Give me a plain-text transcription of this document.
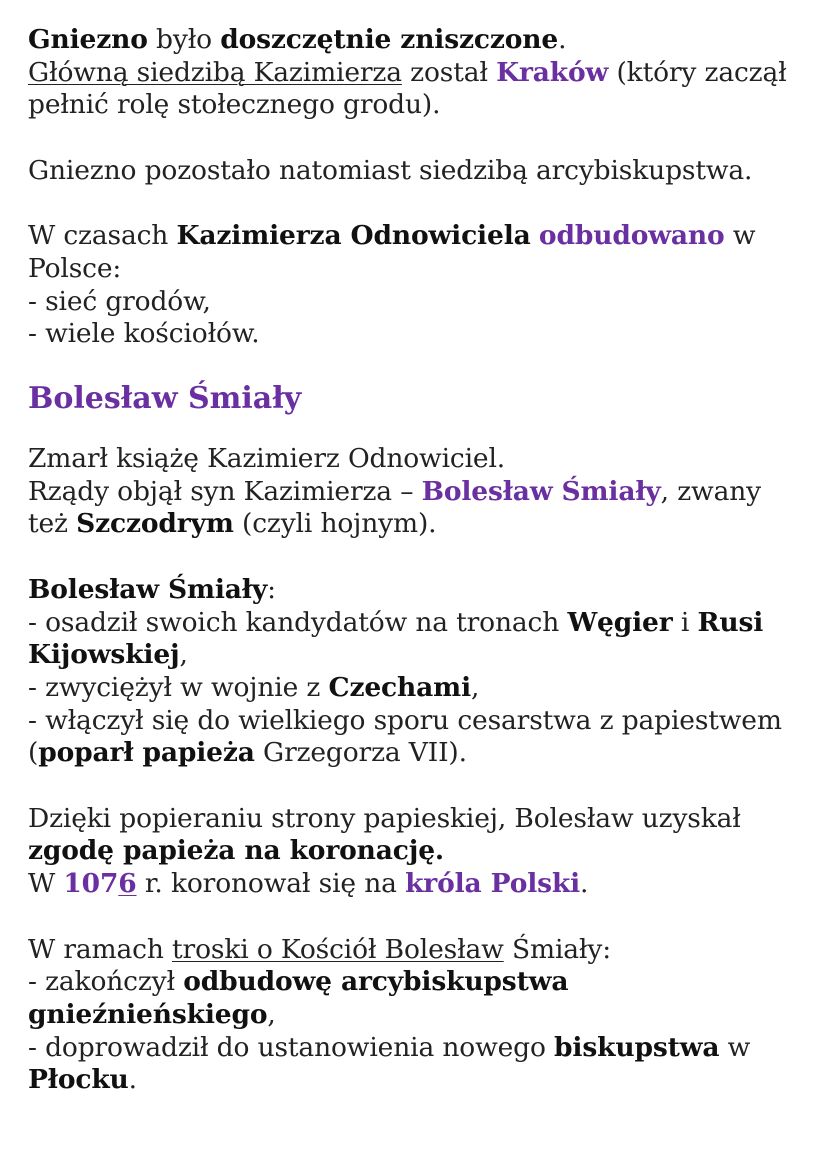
Gniezno było doszczętnie zniszczone.
Główną siedzibą Kazimierza został Kraków (który zaczął
pełnić rolę stołecznego grodu).
Gniezno pozostało natomiast siedzibą arcybiskupstwa.
W czasach Kazimierza Odnowiciela odbudowano w
Polsce:
- sieć grodów,
- wiele kościołów.
Bolesław Śmiały
Zmarł książę Kazimierz Odnowiciel.
Rządy objął syn Kazimierza – Bolesław Śmiały, zwany
też Szczodrym (czyli hojnym).
Bolesław Śmiały:
- osadził swoich kandydatów na tronach Węgier i Rusi
Kijowskiej,
- zwyciężył w wojnie z Czechami,
- włączył się do wielkiego sporu cesarstwa z papiestwem
(poparł papieża Grzegorza VII).
Dzięki popieraniu strony papieskiej, Bolesław uzyskał
zgodę papieża na koronację.
W 1076 r. koronował się na króla Polski.
W ramach troski o Kościół Bolesław Śmiały:
- zakończył odbudowę arcybiskupstwa
gnieźnieńskiego,
- doprowadził do ustanowienia nowego biskupstwa w
Płocku.
